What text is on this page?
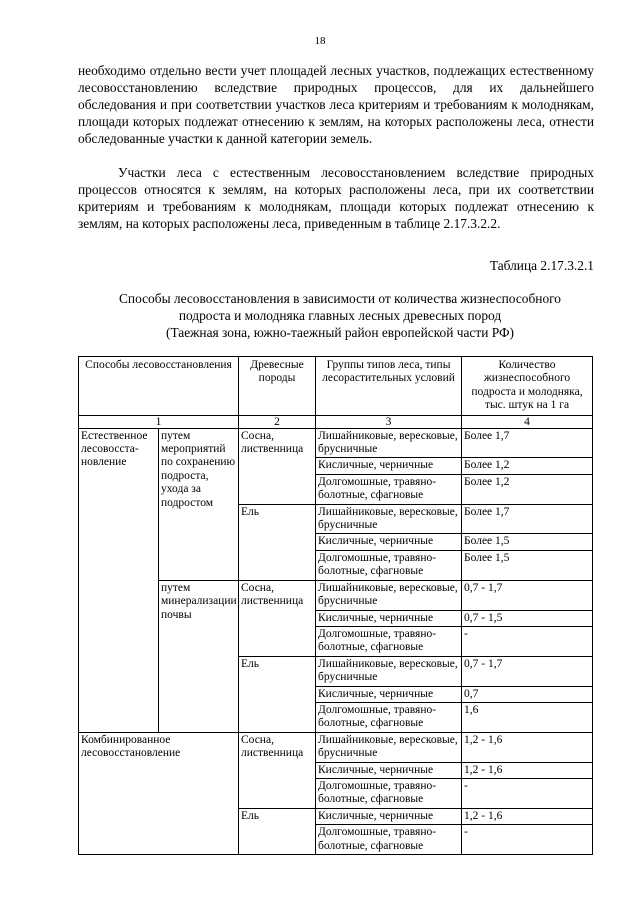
18

необходимо отдельно вести учет площадей лесных участков, подлежащих естественному лесовосстановлению вследствие природных процессов, для их дальнейшего обследования и при соответствии участков леса критериям и требованиям к молоднякам, площади которых подлежат отнесению к землям, на которых расположены леса, отнести обследованные участки к данной категории земель.

Участки леса с естественным лесовосстановлением вследствие природных процессов относятся к землям, на которых расположены леса, при их соответствии критериям и требованиям к молоднякам, площади которых подлежат отнесению к землям, на которых расположены леса, приведенным в таблице 2.17.3.2.2.

Таблица 2.17.3.2.1

Способы лесовосстановления в зависимости от количества жизнеспособного
подроста и молодняка главных лесных древесных пород
(Таежная зона, южно-таежный район европейской части РФ)

Способы лесовосстановления		Древесные породы	Группы типов леса, типы лесорастительных условий	Количество жизнеспособного подроста и молодняка, тыс. штук на 1 га
1		2	3	4
Естественное лесовосста-новление	путем мероприятий по сохранению подроста, ухода за подростом	Сосна, лиственница	Лишайниковые, вересковые, брусничные	Более 1,7
			Кисличные, черничные	Более 1,2
			Долгомошные, травяно-болотные, сфагновые	Более 1,2
		Ель	Лишайниковые, вересковые, брусничные	Более 1,7
			Кисличные, черничные	Более 1,5
			Долгомошные, травяно-болотные, сфагновые	Более 1,5
	путем минерализации почвы	Сосна, лиственница	Лишайниковые, вересковые, брусничные	0,7 - 1,7
			Кисличные, черничные	0,7 - 1,5
			Долгомошные, травяно-болотные, сфагновые	-
		Ель	Лишайниковые, вересковые, брусничные	0,7 - 1,7
			Кисличные, черничные	0,7
			Долгомошные, травяно-болотные, сфагновые	1,6
Комбинированное лесовосстановление		Сосна, лиственница	Лишайниковые, вересковые, брусничные	1,2 - 1,6
			Кисличные, черничные	1,2 - 1,6
			Долгомошные, травяно-болотные, сфагновые	-
		Ель	Кисличные, черничные	1,2 - 1,6
			Долгомошные, травяно-болотные, сфагновые	-
